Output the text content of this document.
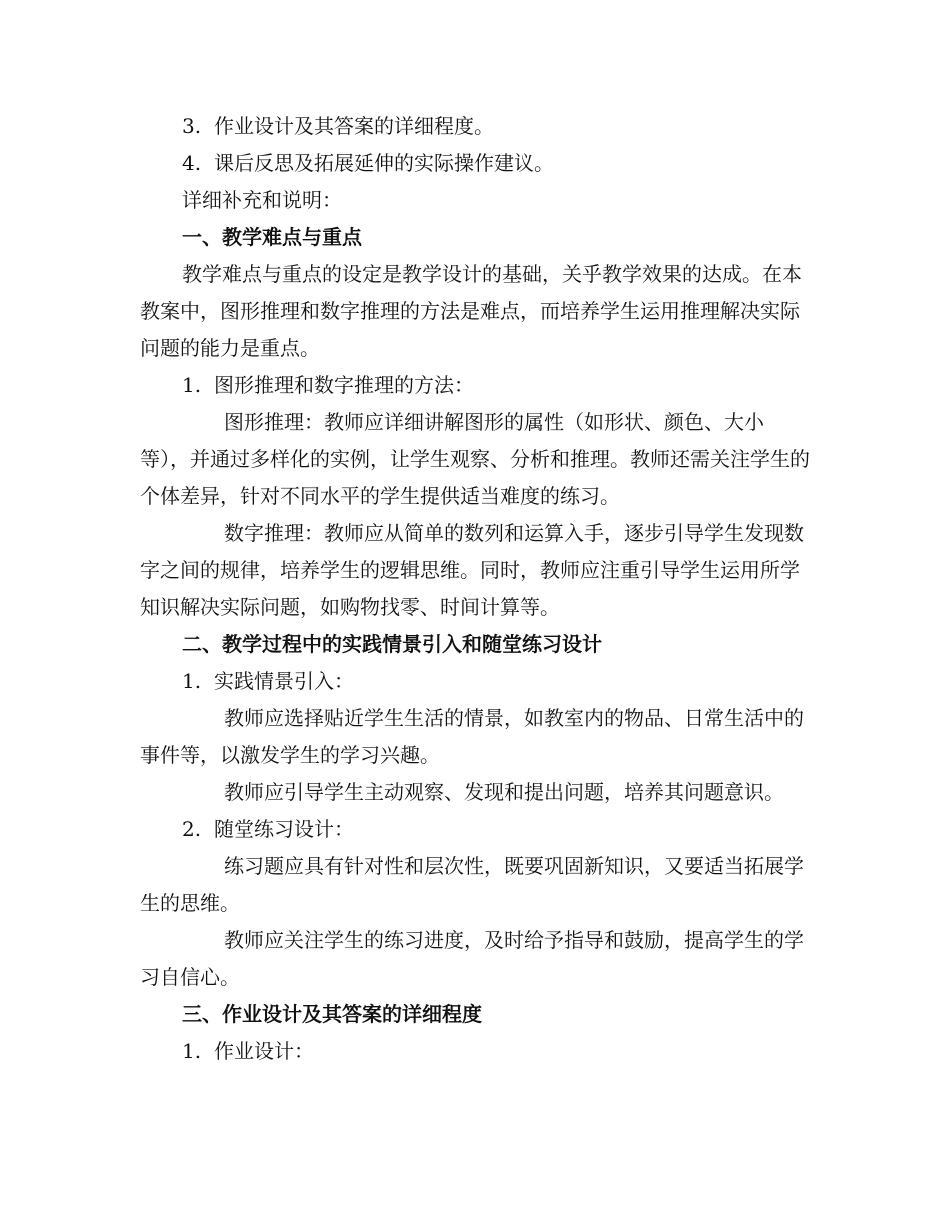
3. 作业设计及其答案的详细程度。

4. 课后反思及拓展延伸的实际操作建议。

详细补充和说明：

一、教学难点与重点

教学难点与重点的设定是教学设计的基础，关乎教学效果的达成。在本教案中，图形推理和数字推理的方法是难点，而培养学生运用推理解决实际问题的能力是重点。

1. 图形推理和数字推理的方法：

图形推理：教师应详细讲解图形的属性（如形状、颜色、大小等），并通过多样化的实例，让学生观察、分析和推理。教师还需关注学生的个体差异，针对不同水平的学生提供适当难度的练习。

数字推理：教师应从简单的数列和运算入手，逐步引导学生发现数字之间的规律，培养学生的逻辑思维。同时，教师应注重引导学生运用所学知识解决实际问题，如购物找零、时间计算等。

二、教学过程中的实践情景引入和随堂练习设计

1. 实践情景引入：

教师应选择贴近学生生活的情景，如教室内的物品、日常生活中的事件等，以激发学生的学习兴趣。

教师应引导学生主动观察、发现和提出问题，培养其问题意识。

2. 随堂练习设计：

练习题应具有针对性和层次性，既要巩固新知识，又要适当拓展学生的思维。

教师应关注学生的练习进度，及时给予指导和鼓励，提高学生的学习自信心。

三、作业设计及其答案的详细程度

1. 作业设计：
